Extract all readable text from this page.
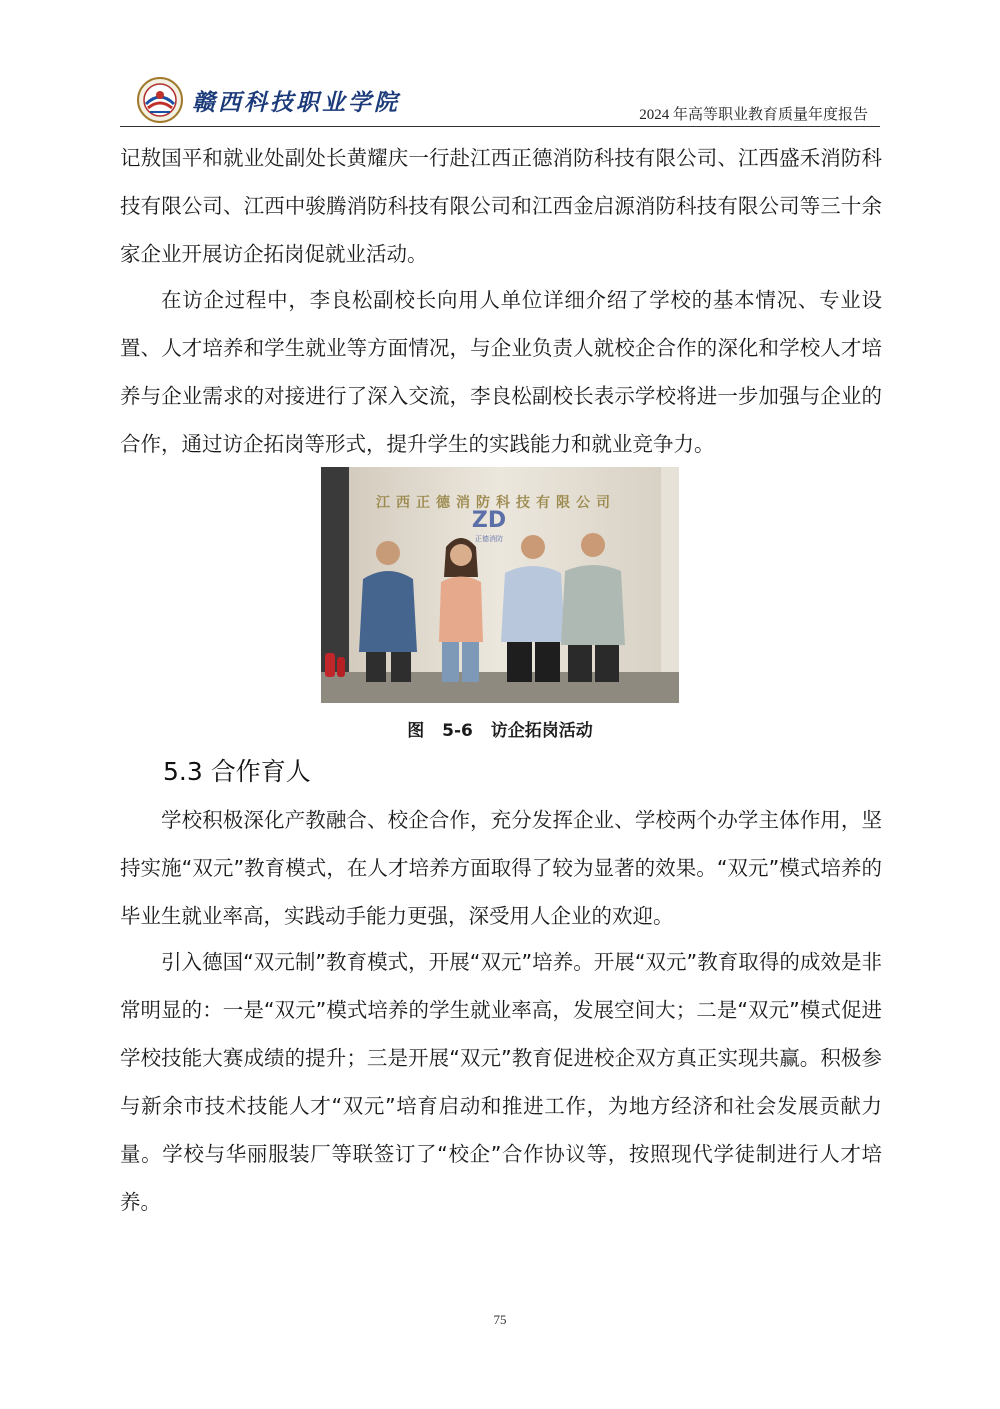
赣西科技职业学院	2024 年高等职业教育质量年度报告

记敖国平和就业处副处长黄耀庆一行赴江西正德消防科技有限公司、江西盛禾消防科技有限公司、江西中骏腾消防科技有限公司和江西金启源消防科技有限公司等三十余家企业开展访企拓岗促就业活动。

在访企过程中，李良松副校长向用人单位详细介绍了学校的基本情况、专业设置、人才培养和学生就业等方面情况，与企业负责人就校企合作的深化和学校人才培养与企业需求的对接进行了深入交流，李良松副校长表示学校将进一步加强与企业的合作，通过访企拓岗等形式，提升学生的实践能力和就业竞争力。

江西正德消防科技有限公司
ZD
正德消防
图 5-6 访企拓岗活动
5.3 合作育人

学校积极深化产教融合、校企合作，充分发挥企业、学校两个办学主体作用，坚持实施“双元”教育模式，在人才培养方面取得了较为显著的效果。“双元”模式培养的毕业生就业率高，实践动手能力更强，深受用人企业的欢迎。

引入德国“双元制”教育模式，开展“双元”培养。开展“双元”教育取得的成效是非常明显的：一是“双元”模式培养的学生就业率高，发展空间大；二是“双元”模式促进学校技能大赛成绩的提升；三是开展“双元”教育促进校企双方真正实现共赢。积极参与新余市技术技能人才“双元”培育启动和推进工作，为地方经济和社会发展贡献力量。学校与华丽服装厂等联签订了“校企”合作协议等，按照现代学徒制进行人才培养。

75
